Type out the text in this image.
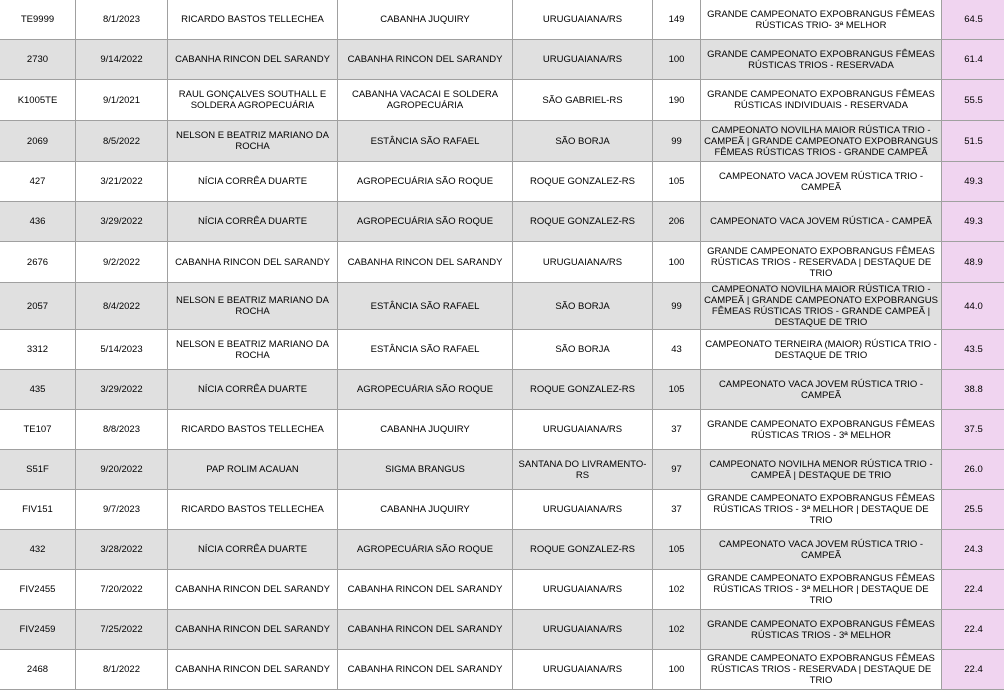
TE9999	8/1/2023	RICARDO BASTOS TELLECHEA	CABANHA JUQUIRY	URUGUAIANA/RS	149	GRANDE CAMPEONATO EXPOBRANGUS FÊMEAS RÚSTICAS TRIO- 3ª MELHOR	64.5
2730	9/14/2022	CABANHA RINCON DEL SARANDY	CABANHA RINCON DEL SARANDY	URUGUAIANA/RS	100	GRANDE CAMPEONATO EXPOBRANGUS FÊMEAS RÚSTICAS TRIOS - RESERVADA	61.4
K1005TE	9/1/2021	RAUL GONÇALVES SOUTHALL E SOLDERA AGROPECUÁRIA	CABANHA VACACAI E SOLDERA AGROPECUÁRIA	SÃO GABRIEL-RS	190	GRANDE CAMPEONATO EXPOBRANGUS FÊMEAS RÚSTICAS INDIVIDUAIS - RESERVADA	55.5
2069	8/5/2022	NELSON E BEATRIZ MARIANO DA ROCHA	ESTÂNCIA SÃO RAFAEL	SÃO BORJA	99	CAMPEONATO NOVILHA MAIOR RÚSTICA TRIO - CAMPEÃ | GRANDE CAMPEONATO EXPOBRANGUS FÊMEAS RÚSTICAS TRIOS - GRANDE CAMPEÃ	51.5
427	3/21/2022	NÍCIA CORRÊA DUARTE	AGROPECUÁRIA SÃO ROQUE	ROQUE GONZALEZ-RS	105	CAMPEONATO VACA JOVEM RÚSTICA TRIO - CAMPEÃ	49.3
436	3/29/2022	NÍCIA CORRÊA DUARTE	AGROPECUÁRIA SÃO ROQUE	ROQUE GONZALEZ-RS	206	CAMPEONATO VACA JOVEM RÚSTICA - CAMPEÃ	49.3
2676	9/2/2022	CABANHA RINCON DEL SARANDY	CABANHA RINCON DEL SARANDY	URUGUAIANA/RS	100	GRANDE CAMPEONATO EXPOBRANGUS FÊMEAS RÚSTICAS TRIOS - RESERVADA | DESTAQUE DE TRIO	48.9
2057	8/4/2022	NELSON E BEATRIZ MARIANO DA ROCHA	ESTÂNCIA SÃO RAFAEL	SÃO BORJA	99	CAMPEONATO NOVILHA MAIOR RÚSTICA TRIO - CAMPEÃ | GRANDE CAMPEONATO EXPOBRANGUS FÊMEAS RÚSTICAS TRIOS - GRANDE CAMPEÃ | DESTAQUE DE TRIO	44.0
3312	5/14/2023	NELSON E BEATRIZ MARIANO DA ROCHA	ESTÂNCIA SÃO RAFAEL	SÃO BORJA	43	CAMPEONATO TERNEIRA (MAIOR) RÚSTICA TRIO - DESTAQUE DE TRIO	43.5
435	3/29/2022	NÍCIA CORRÊA DUARTE	AGROPECUÁRIA SÃO ROQUE	ROQUE GONZALEZ-RS	105	CAMPEONATO VACA JOVEM RÚSTICA TRIO - CAMPEÃ	38.8
TE107	8/8/2023	RICARDO BASTOS TELLECHEA	CABANHA JUQUIRY	URUGUAIANA/RS	37	GRANDE CAMPEONATO EXPOBRANGUS FÊMEAS RÚSTICAS TRIOS - 3ª MELHOR	37.5
S51F	9/20/2022	PAP ROLIM ACAUAN	SIGMA BRANGUS	SANTANA DO LIVRAMENTO-RS	97	CAMPEONATO NOVILHA MENOR RÚSTICA TRIO - CAMPEÃ | DESTAQUE DE TRIO	26.0
FIV151	9/7/2023	RICARDO BASTOS TELLECHEA	CABANHA JUQUIRY	URUGUAIANA/RS	37	GRANDE CAMPEONATO EXPOBRANGUS FÊMEAS RÚSTICAS TRIOS - 3ª MELHOR | DESTAQUE DE TRIO	25.5
432	3/28/2022	NÍCIA CORRÊA DUARTE	AGROPECUÁRIA SÃO ROQUE	ROQUE GONZALEZ-RS	105	CAMPEONATO VACA JOVEM RÚSTICA TRIO - CAMPEÃ	24.3
FIV2455	7/20/2022	CABANHA RINCON DEL SARANDY	CABANHA RINCON DEL SARANDY	URUGUAIANA/RS	102	GRANDE CAMPEONATO EXPOBRANGUS FÊMEAS RÚSTICAS TRIOS - 3ª MELHOR | DESTAQUE DE TRIO	22.4
FIV2459	7/25/2022	CABANHA RINCON DEL SARANDY	CABANHA RINCON DEL SARANDY	URUGUAIANA/RS	102	GRANDE CAMPEONATO EXPOBRANGUS FÊMEAS RÚSTICAS TRIOS - 3ª MELHOR	22.4
2468	8/1/2022	CABANHA RINCON DEL SARANDY	CABANHA RINCON DEL SARANDY	URUGUAIANA/RS	100	GRANDE CAMPEONATO EXPOBRANGUS FÊMEAS RÚSTICAS TRIOS - RESERVADA | DESTAQUE DE TRIO	22.4
